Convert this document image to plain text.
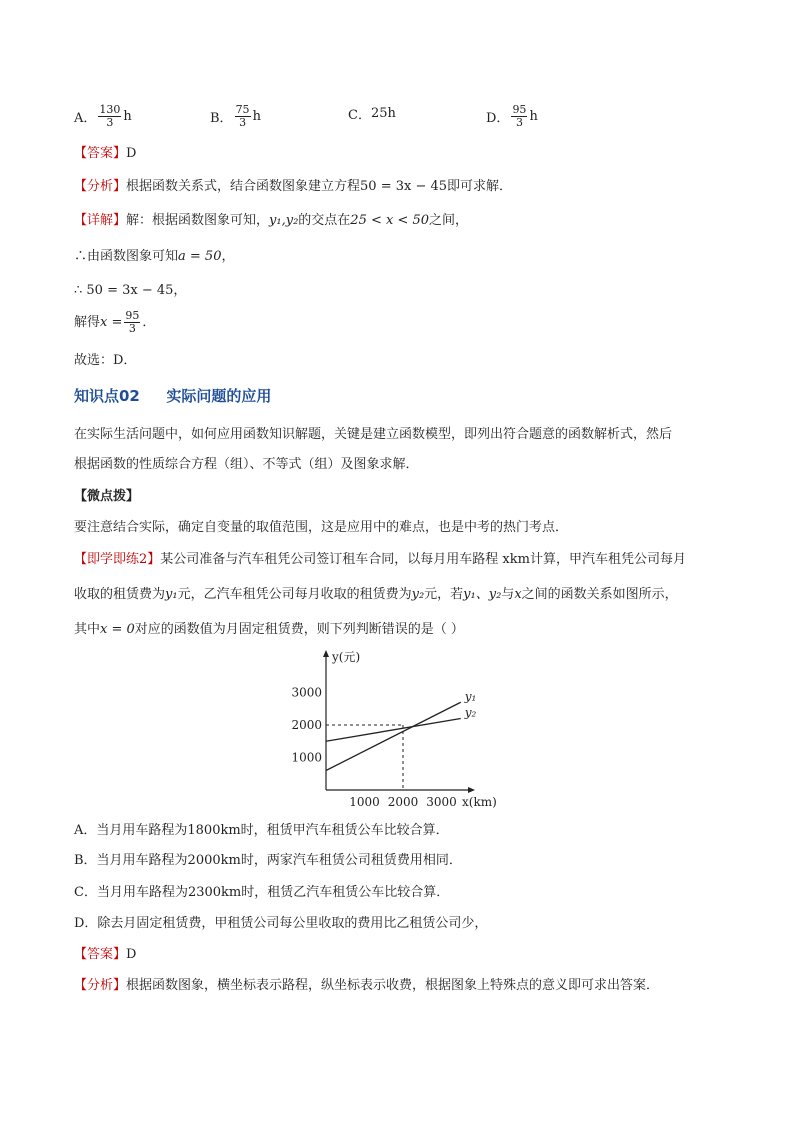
A． $\frac{130}{3}$ h	B． $\frac{75}{3}$ h	C． 25h	D． $\frac{95}{3}$ h
【答案】D
【分析】根据函数关系式，结合函数图象建立方程50 = 3x − 45即可求解．
【详解】解：根据函数图象可知，y₁,y₂的交点在25 < x < 50之间，
∴由函数图象可知a = 50，
∴ 50 = 3x − 45，
解得 $x = \frac{95}{3}$ ．
故选：D．
知识点02 实际问题的应用
在实际生活问题中，如何应用函数知识解题，关键是建立函数模型，即列出符合题意的函数解析式，然后
根据函数的性质综合方程（组）、不等式（组）及图象求解．
【微点拨】
要注意结合实际，确定自变量的取值范围，这是应用中的难点，也是中考的热门考点．
【即学即练2】某公司准备与汽车租凭公司签订租车合同，以每月用车路程 xkm计算，甲汽车租凭公司每月
收取的租赁费为y₁元，乙汽车租凭公司每月收取的租赁费为y₂元，若y₁、y₂与x之间的函数关系如图所示，
其中x = 0对应的函数值为月固定租赁费，则下列判断错误的是（ ）
y(元)
x(km)
1000 2000 3000
1000
2000
3000	y₁
y₂
A．当月用车路程为1800km时，租赁甲汽车租赁公车比较合算．
B．当月用车路程为2000km时，两家汽车租赁公司租赁费用相同．
C．当月用车路程为2300km时，租赁乙汽车租赁公车比较合算．
D．除去月固定租赁费，甲租赁公司每公里收取的费用比乙租赁公司少，
【答案】D
【分析】根据函数图象，横坐标表示路程，纵坐标表示收费，根据图象上特殊点的意义即可求出答案．
